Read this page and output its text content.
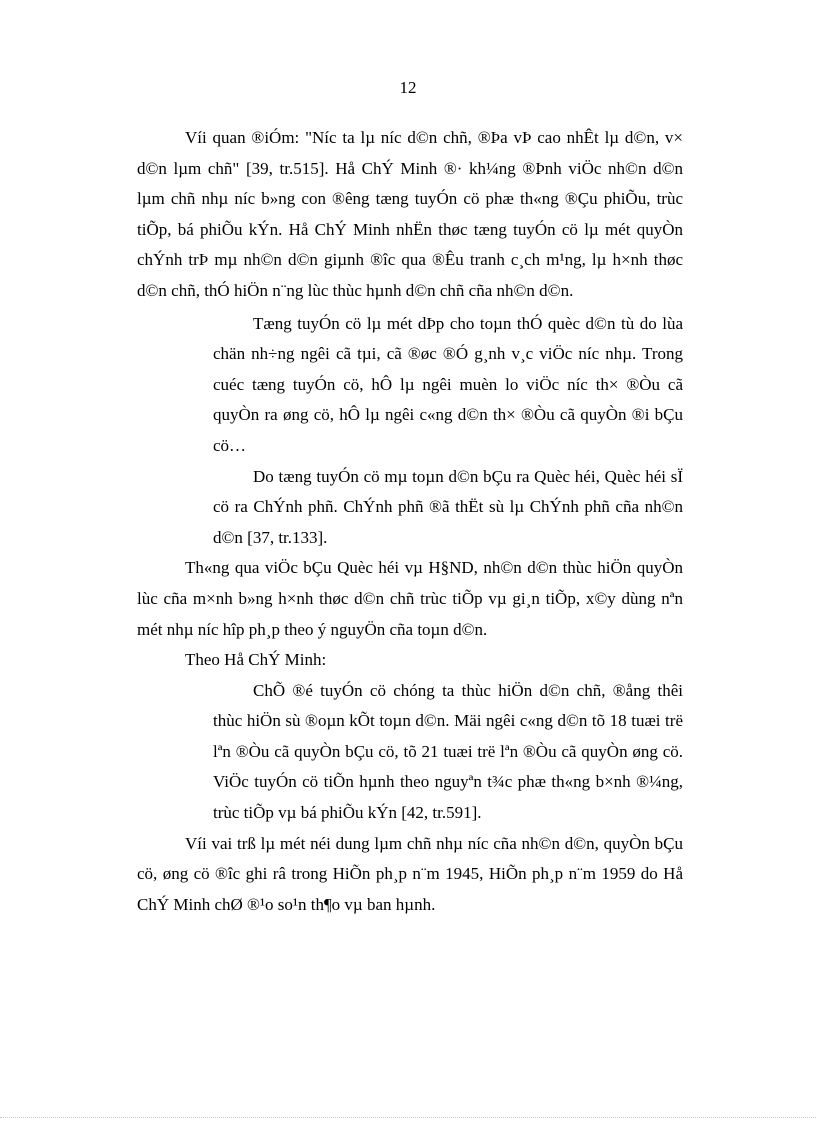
12

Víi quan ®iÓm: "Níc ta lµ níc d©n chñ, ®Þa vÞ cao nhÊt lµ d©n, v× d©n lµm chñ" [39, tr.515]. Hå ChÝ Minh ®· kh¼ng ®Þnh viÖc nh©n d©n lµm chñ nhµ níc b»ng con ®êng tæng tuyÓn cö phæ th«ng ®Çu phiÕu, trùc tiÕp, bá phiÕu kÝn. Hå ChÝ Minh nhËn thøc tæng tuyÓn cö lµ mét quyÒn chÝnh trÞ mµ nh©n d©n giµnh ®îc qua ®Êu tranh c¸ch m¹ng, lµ h×nh thøc d©n chñ, thÓ hiÖn n¨ng lùc thùc hµnh d©n chñ cña nh©n d©n.

Tæng tuyÓn cö lµ mét dÞp cho toµn thÓ quèc d©n tù do lùa chän nh÷ng ngêi cã tµi, cã ®øc ®Ó g¸nh v¸c viÖc níc nhµ. Trong cuéc tæng tuyÓn cö, hÔ lµ ngêi muèn lo viÖc níc th× ®Òu cã quyÒn ra øng cö, hÔ lµ ngêi c«ng d©n th× ®Òu cã quyÒn ®i bÇu cö…

Do tæng tuyÓn cö mµ toµn d©n bÇu ra Quèc héi, Quèc héi sÏ cö ra ChÝnh phñ. ChÝnh phñ ®ã thËt sù lµ ChÝnh phñ cña nh©n d©n [37, tr.133].

Th«ng qua viÖc bÇu Quèc héi vµ H§ND, nh©n d©n thùc hiÖn quyÒn lùc cña m×nh b»ng h×nh thøc d©n chñ trùc tiÕp vµ gi¸n tiÕp, x©y dùng nªn mét nhµ níc hîp ph¸p theo ý nguyÖn cña toµn d©n.

Theo Hå ChÝ Minh:

ChÕ ®é tuyÓn cö chóng ta thùc hiÖn d©n chñ, ®ång thêi thùc hiÖn sù ®oµn kÕt toµn d©n. Mäi ngêi c«ng d©n tõ 18 tuæi trë lªn ®Òu cã quyÒn bÇu cö, tõ 21 tuæi trë lªn ®Òu cã quyÒn øng cö. ViÖc tuyÓn cö tiÕn hµnh theo nguyªn t¾c phæ th«ng b×nh ®¼ng, trùc tiÕp vµ bá phiÕu kÝn [42, tr.591].

Víi vai trß lµ mét néi dung lµm chñ nhµ níc cña nh©n d©n, quyÒn bÇu cö, øng cö ®îc ghi râ trong HiÕn ph¸p n¨m 1945, HiÕn ph¸p n¨m 1959 do Hå ChÝ Minh chØ ®¹o so¹n th¶o vµ ban hµnh.
